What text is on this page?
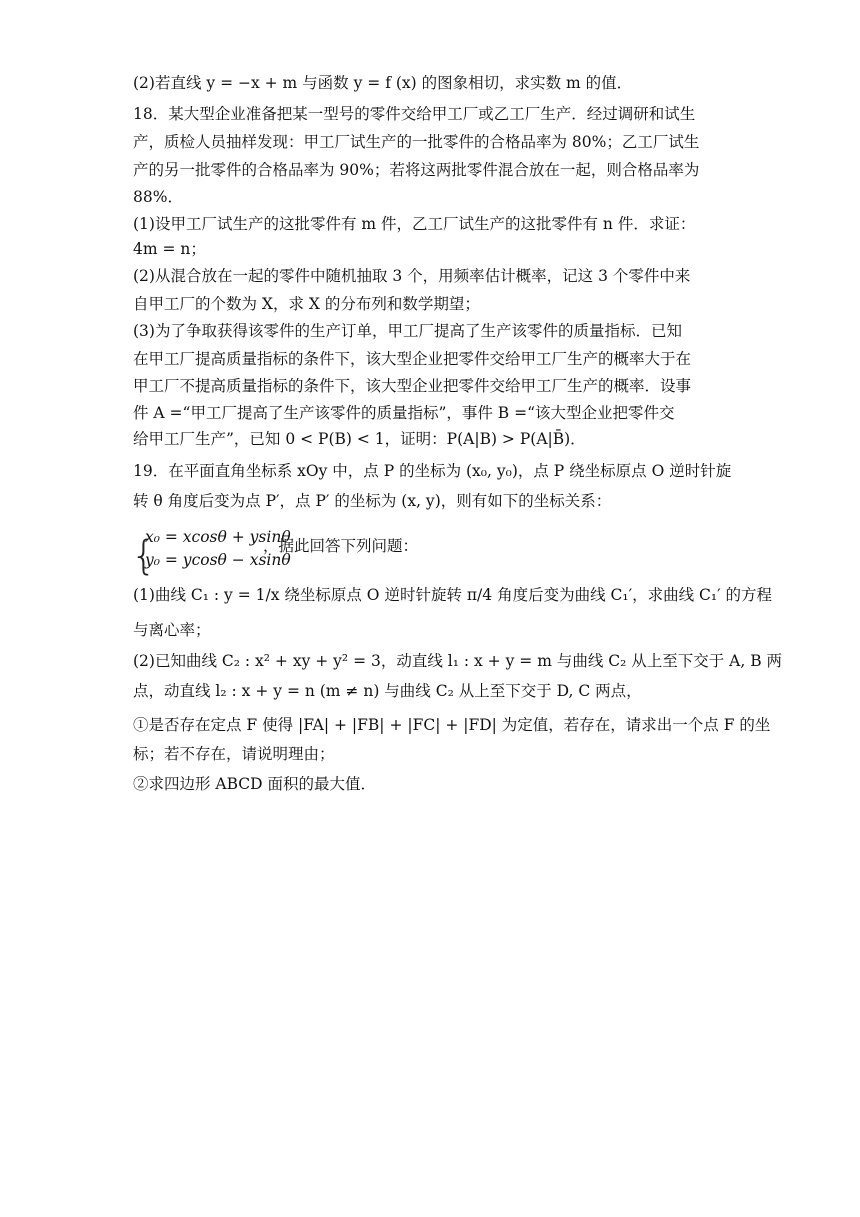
(2)若直线 y = −x + m 与函数 y = f (x) 的图象相切，求实数 m 的值．
18．某大型企业准备把某一型号的零件交给甲工厂或乙工厂生产．经过调研和试生
产，质检人员抽样发现：甲工厂试生产的一批零件的合格品率为 80%；乙工厂试生
产的另一批零件的合格品率为 90%；若将这两批零件混合放在一起，则合格品率为
88%．
(1)设甲工厂试生产的这批零件有 m 件，乙工厂试生产的这批零件有 n 件．求证：
4m = n；
(2)从混合放在一起的零件中随机抽取 3 个，用频率估计概率，记这 3 个零件中来
自甲工厂的个数为 X，求 X 的分布列和数学期望；
(3)为了争取获得该零件的生产订单，甲工厂提高了生产该零件的质量指标．已知
在甲工厂提高质量指标的条件下，该大型企业把零件交给甲工厂生产的概率大于在
甲工厂不提高质量指标的条件下，该大型企业把零件交给甲工厂生产的概率．设事
件 A =“甲工厂提高了生产该零件的质量指标”，事件 B =“该大型企业把零件交
给甲工厂生产”，已知 0 < P(B) < 1，证明：P(A|B) > P(A|B̄)．
19．在平面直角坐标系 xOy 中，点 P 的坐标为 (x₀, y₀)，点 P 绕坐标原点 O 逆时针旋
转 θ 角度后变为点 P′，点 P′ 的坐标为 (x, y)，则有如下的坐标关系：
{
x₀ = xcosθ + ysinθ
y₀ = ycosθ − xsinθ
，据此回答下列问题：
(1)曲线 C₁ : y = 1/x 绕坐标原点 O 逆时针旋转 π/4 角度后变为曲线 C₁′，求曲线 C₁′ 的方程
与离心率；
(2)已知曲线 C₂ : x² + xy + y² = 3，动直线 l₁ : x + y = m 与曲线 C₂ 从上至下交于 A, B 两
点，动直线 l₂ : x + y = n (m ≠ n) 与曲线 C₂ 从上至下交于 D, C 两点，
①是否存在定点 F 使得 |FA| + |FB| + |FC| + |FD| 为定值，若存在，请求出一个点 F 的坐
标；若不存在，请说明理由；
②求四边形 ABCD 面积的最大值．
